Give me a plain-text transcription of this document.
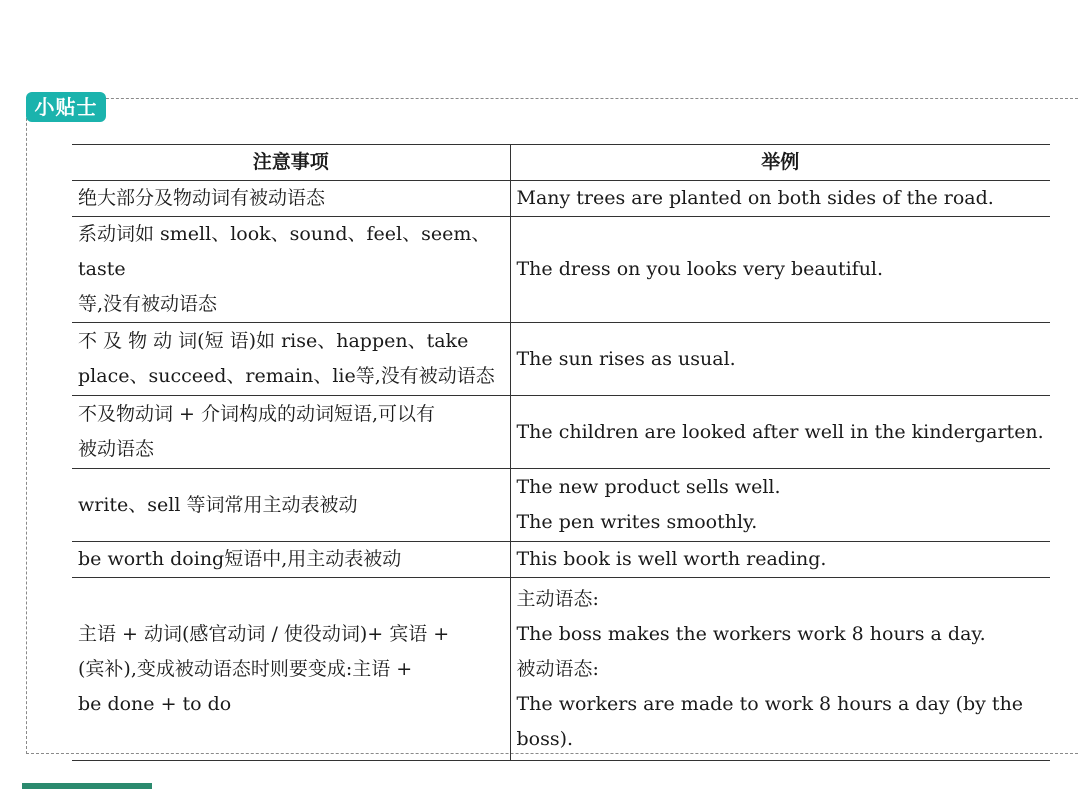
小贴士
注意事项	举例

绝大部分及物动词有被动语态	Many trees are planted on both sides of the road.

系动词如 smell、look、sound、feel、seem、taste
等,没有被动语态	The dress on you looks very beautiful.

不 及 物 动 词(短 语)如 rise、happen、take
place、succeed、remain、lie等,没有被动语态	The sun rises as usual.

不及物动词 + 介词构成的动词短语,可以有
被动语态	The children are looked after well in the kindergarten.

write、sell 等词常用主动表被动	The new product sells well.
The pen writes smoothly.

be worth doing短语中,用主动表被动	This book is well worth reading.

主语 + 动词(感官动词 / 使役动词)+ 宾语 +
(宾补),变成被动语态时则要变成:主语 +
be done + to do	主动语态:
The boss makes the workers work 8 hours a day.
被动语态:
The workers are made to work 8 hours a day (by the
boss).
